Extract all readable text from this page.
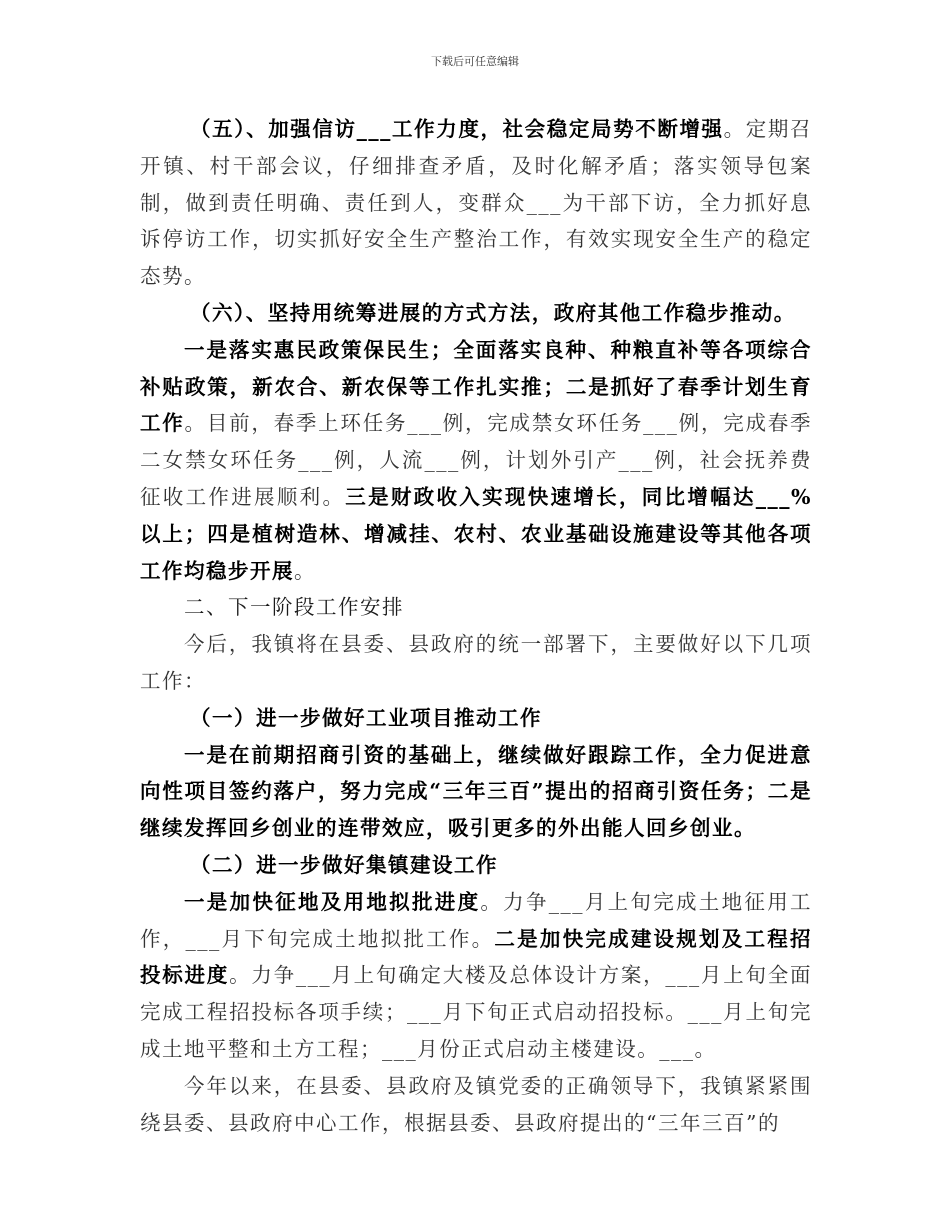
下载后可任意编辑

（五）、加强信访___工作力度，社会稳定局势不断增强。定期召开镇、村干部会议，仔细排查矛盾，及时化解矛盾；落实领导包案制，做到责任明确、责任到人，变群众___为干部下访，全力抓好息诉停访工作，切实抓好安全生产整治工作，有效实现安全生产的稳定态势。

（六）、坚持用统筹进展的方式方法，政府其他工作稳步推动。

一是落实惠民政策保民生；全面落实良种、种粮直补等各项综合补贴政策，新农合、新农保等工作扎实推；二是抓好了春季计划生育工作。目前，春季上环任务___例，完成禁女环任务___例，完成春季二女禁女环任务___例，人流___例，计划外引产___例，社会抚养费征收工作进展顺利。三是财政收入实现快速增长，同比增幅达___%以上；四是植树造林、增减挂、农村、农业基础设施建设等其他各项工作均稳步开展。

二、下一阶段工作安排

今后，我镇将在县委、县政府的统一部署下，主要做好以下几项工作：

（一）进一步做好工业项目推动工作

一是在前期招商引资的基础上，继续做好跟踪工作，全力促进意向性项目签约落户，努力完成“三年三百”提出的招商引资任务；二是继续发挥回乡创业的连带效应，吸引更多的外出能人回乡创业。

（二）进一步做好集镇建设工作

一是加快征地及用地拟批进度。力争___月上旬完成土地征用工作，___月下旬完成土地拟批工作。二是加快完成建设规划及工程招投标进度。力争___月上旬确定大楼及总体设计方案，___月上旬全面完成工程招投标各项手续；___月下旬正式启动招投标。___月上旬完成土地平整和土方工程；___月份正式启动主楼建设。___。

今年以来，在县委、县政府及镇党委的正确领导下，我镇紧紧围绕县委、县政府中心工作，根据县委、县政府提出的“三年三百”的
